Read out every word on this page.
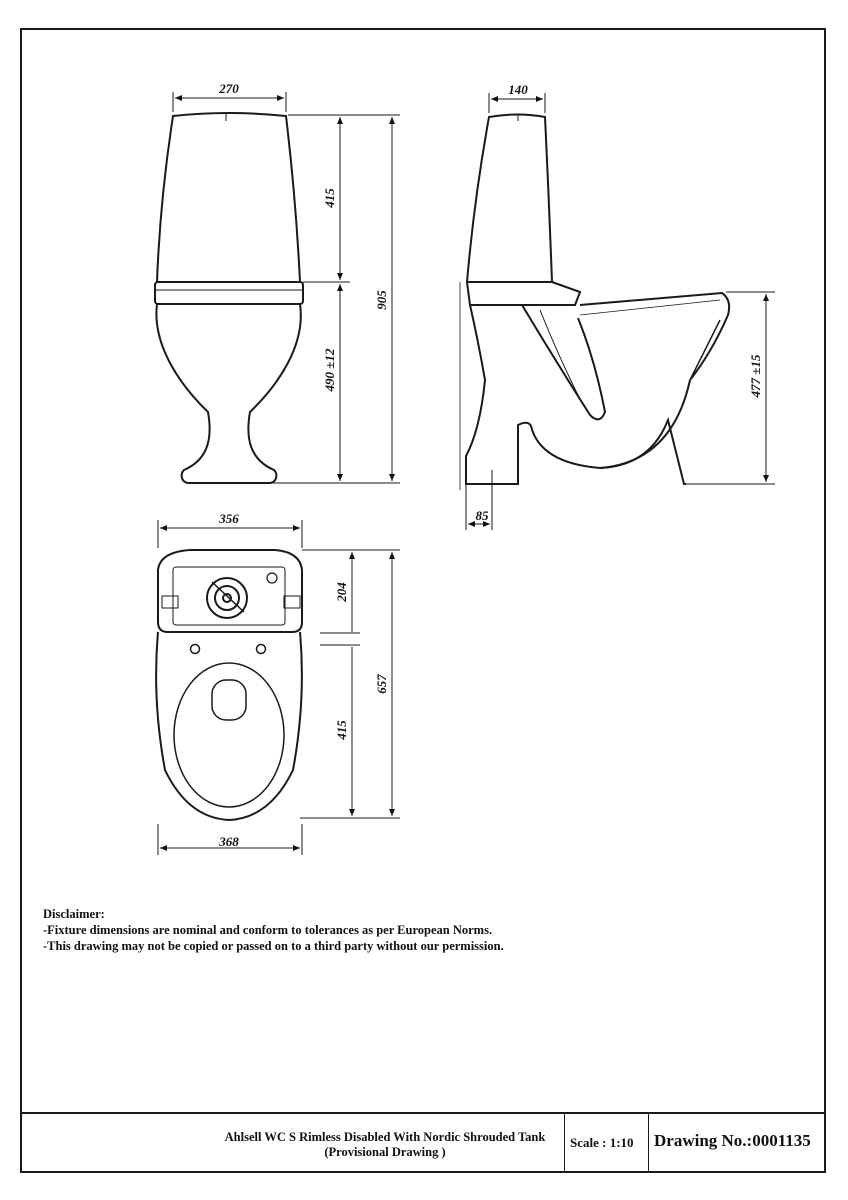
270
415
490 ±12
905
140
477 ±15
85
356
368
204
415
657
Disclaimer:
-Fixture dimensions are nominal and conform to tolerances as per European Norms.
-This drawing may not be copied or passed on to a third party without our permission.
Ahlsell WC S Rimless Disabled With Nordic Shrouded Tank
(Provisional Drawing )
Scale : 1:10 Drawing No.:0001135
